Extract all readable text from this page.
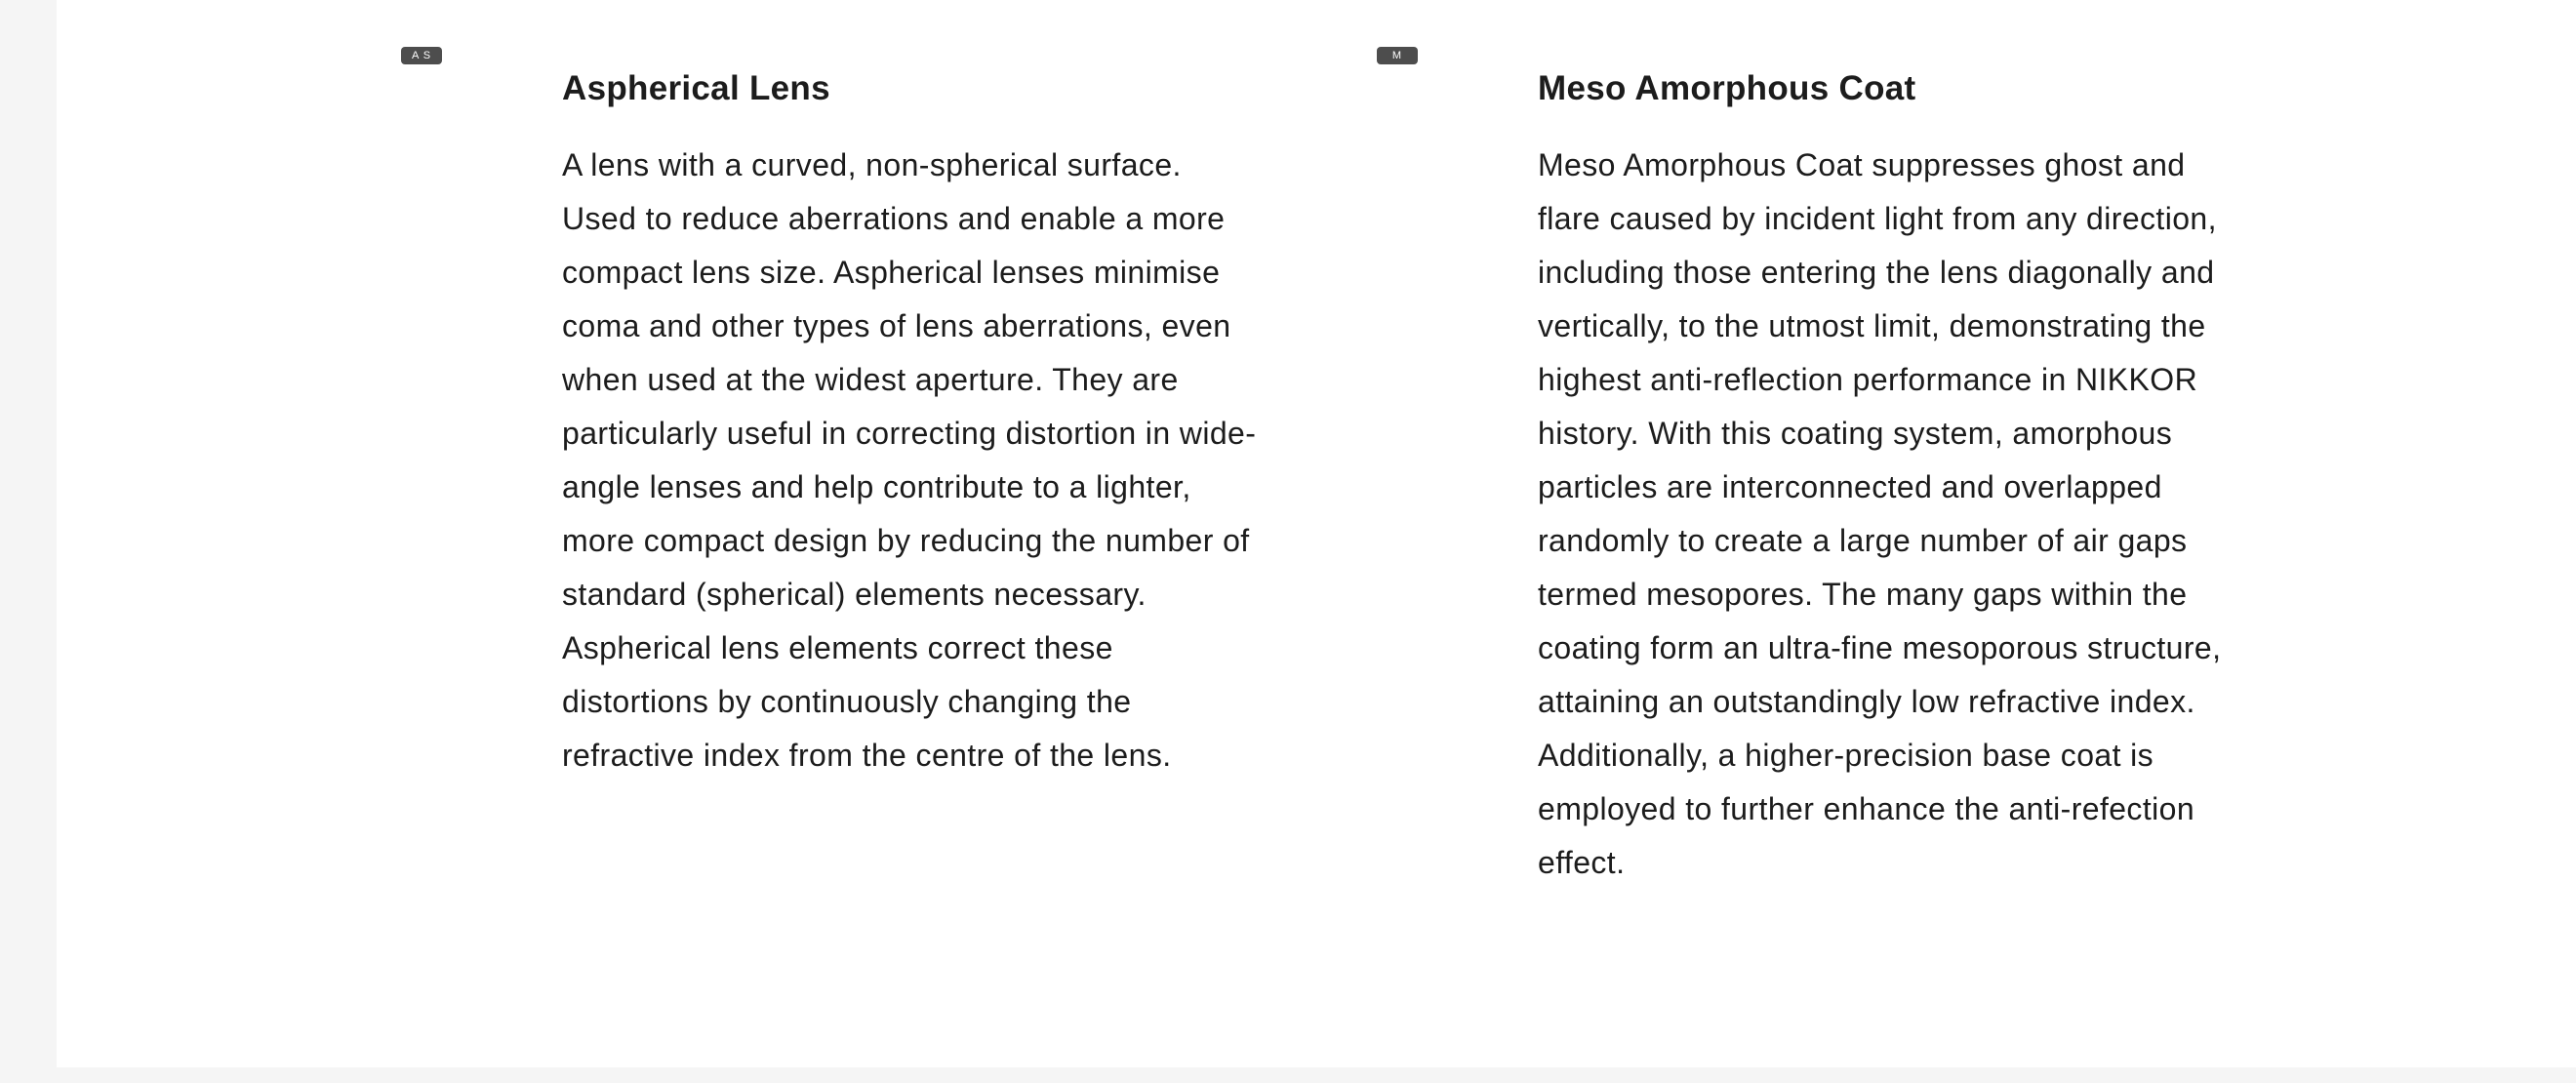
A S
Aspherical Lens

A lens with a curved, non-spherical surface. Used to reduce aberrations and enable a more compact lens size. Aspherical lenses minimise coma and other types of lens aberrations, even when used at the widest aperture. They are particularly useful in correcting distortion in wide-angle lenses and help contribute to a lighter, more compact design by reducing the number of standard (spherical) elements necessary. Aspherical lens elements correct these distortions by continuously changing the refractive index from the centre of the lens.

M
Meso Amorphous Coat

Meso Amorphous Coat suppresses ghost and flare caused by incident light from any direction, including those entering the lens diagonally and vertically, to the utmost limit, demonstrating the highest anti-reflection performance in NIKKOR history. With this coating system, amorphous particles are interconnected and overlapped randomly to create a large number of air gaps termed mesopores. The many gaps within the coating form an ultra-fine mesoporous structure, attaining an outstandingly low refractive index. Additionally, a higher-precision base coat is employed to further enhance the anti-refection effect.
